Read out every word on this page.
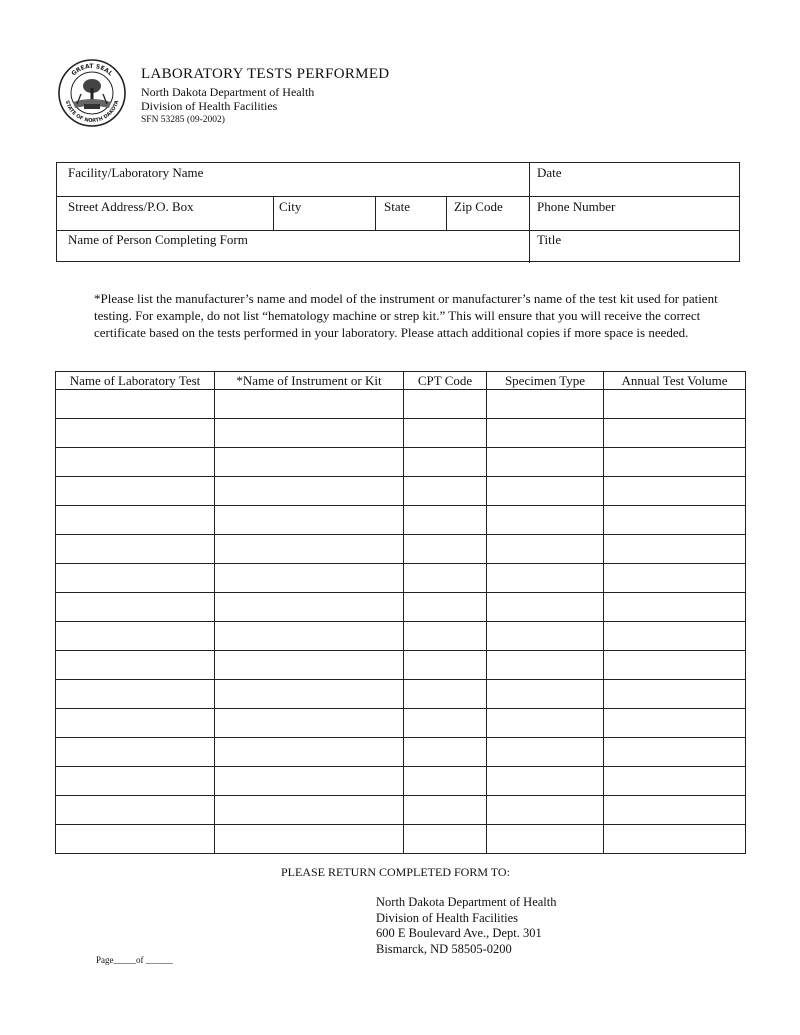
GREAT SEAL
STATE OF NORTH DAKOTA
LABORATORY TESTS PERFORMED
North Dakota Department of Health
Division of Health Facilities
SFN 53285 (09-2002)
Facility/Laboratory Name	Date
Street Address/P.O. Box	City	State	Zip Code	Phone Number
Name of Person Completing Form	Title
*Please list the manufacturer’s name and model of the instrument or manufacturer’s name of the test kit used for patient testing. For example, do not list “hematology machine or strep kit.” This will ensure that you will receive the correct certificate based on the tests performed in your laboratory. Please attach additional copies if more space is needed.
Name of Laboratory Test	*Name of Instrument or Kit	CPT Code	Specimen Type	Annual Test Volume

PLEASE RETURN COMPLETED FORM TO:
North Dakota Department of Health
Division of Health Facilities
600 E Boulevard Ave., Dept. 301
Bismarck, ND 58505-0200
Page_____of ______
